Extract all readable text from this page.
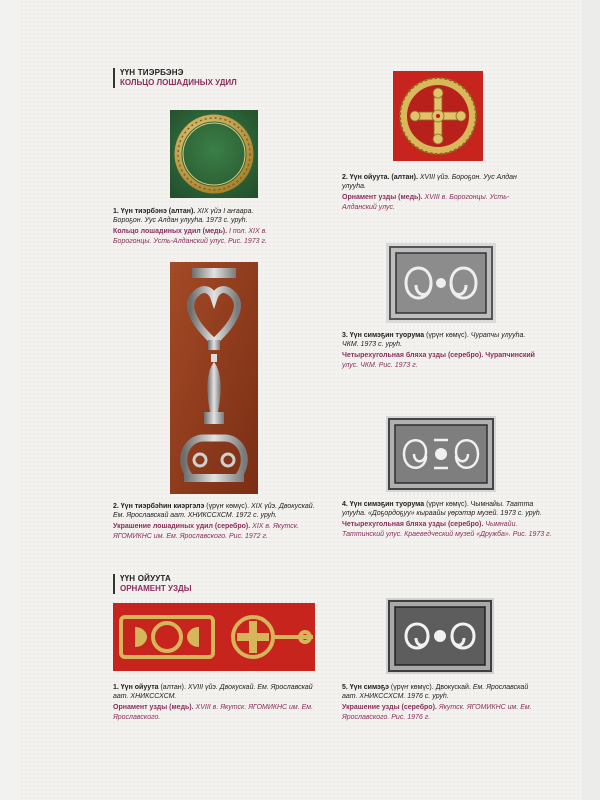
ҮҮН ТИЭРБЭНЭ
КОЛЬЦО ЛОШАДИНЫХ УДИЛ
1. Үүн тиэрбэнэ (алтан). XIX үйэ I аҥаара. Бороҕон. Уус Алдан улууһа. 1973 с. уруһ.
Кольцо лошадиных удил (медь). I пол. XIX в. Борогонцы. Усть-Алданский улус. Рис. 1973 г.
2. Үүн ойуута. (алтан). XVIII үйэ. Бороҕон. Уус Алдан улууһа.
Орнамент узды (медь). XVIII в. Борогонцы. Усть-Алданский улус.
2. Үүн тиэрбэһин киэргэлэ (үрүҥ көмүс). XIX үйэ. Двокускай. Ем. Ярославскай аат. ХНИКССХСМ. 1972 с. уруһ.
Украшение лошадиных удил (серебро). XIX в. Якутск. ЯГОМИКНС им. Ем. Ярославского. Рис. 1972 г.
3. Үүн симэҕин туорума (үрүҥ көмүс). Чурапчы улууһа. ЧКМ. 1973 с. уруһ.
Четырехугольная бляха узды (серебро). Чурапчинский улус. ЧКМ. Рис. 1973 г.
4. Үүн симэҕин туорума (үрүҥ көмүс). Чымнайы. Таатта улууһа. «Доҕордоҕуу» кыраайы үөрэтэр музей. 1973 с. уруһ.
Четырехугольная бляха узды (серебро). Чымнайи. Таттинский улус. Краеведческий музей «Дружба». Рис. 1973 г.
ҮҮН ОЙУУТА
ОРНАМЕНТ УЗДЫ
1. Үүн ойуута (алтан). XVIII үйэ. Двокускай. Ем. Ярославскай аат. ХНИКССХСМ.
Орнамент узды (медь). XVIII в. Якутск. ЯГОМИКНС им. Ем. Ярославского.
5. Үүн симэҕэ (үрүҥ көмүс). Двокускай. Ем. Ярославскай аат. ХНИКССХСМ. 1976 с. уруһ.
Украшение узды (серебро). Якутск. ЯГОМИКНС им. Ем. Ярославского. Рис. 1976 г.
